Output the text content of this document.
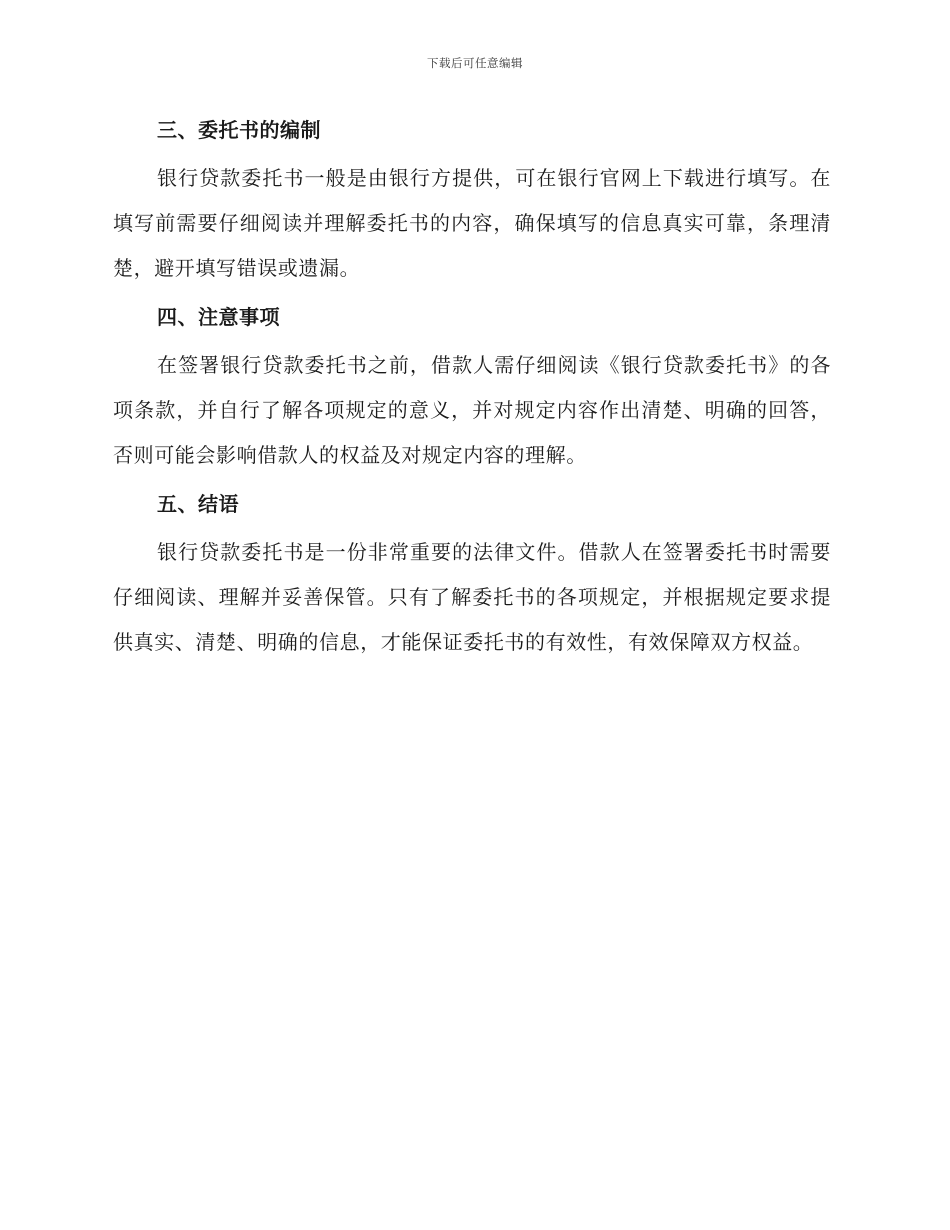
下载后可任意编辑
三、委托书的编制

银行贷款委托书一般是由银行方提供，可在银行官网上下载进行填写。在填写前需要仔细阅读并理解委托书的内容，确保填写的信息真实可靠，条理清楚，避开填写错误或遗漏。

四、注意事项

在签署银行贷款委托书之前，借款人需仔细阅读《银行贷款委托书》的各项条款，并自行了解各项规定的意义，并对规定内容作出清楚、明确的回答，否则可能会影响借款人的权益及对规定内容的理解。

五、结语

银行贷款委托书是一份非常重要的法律文件。借款人在签署委托书时需要仔细阅读、理解并妥善保管。只有了解委托书的各项规定，并根据规定要求提供真实、清楚、明确的信息，才能保证委托书的有效性，有效保障双方权益。
